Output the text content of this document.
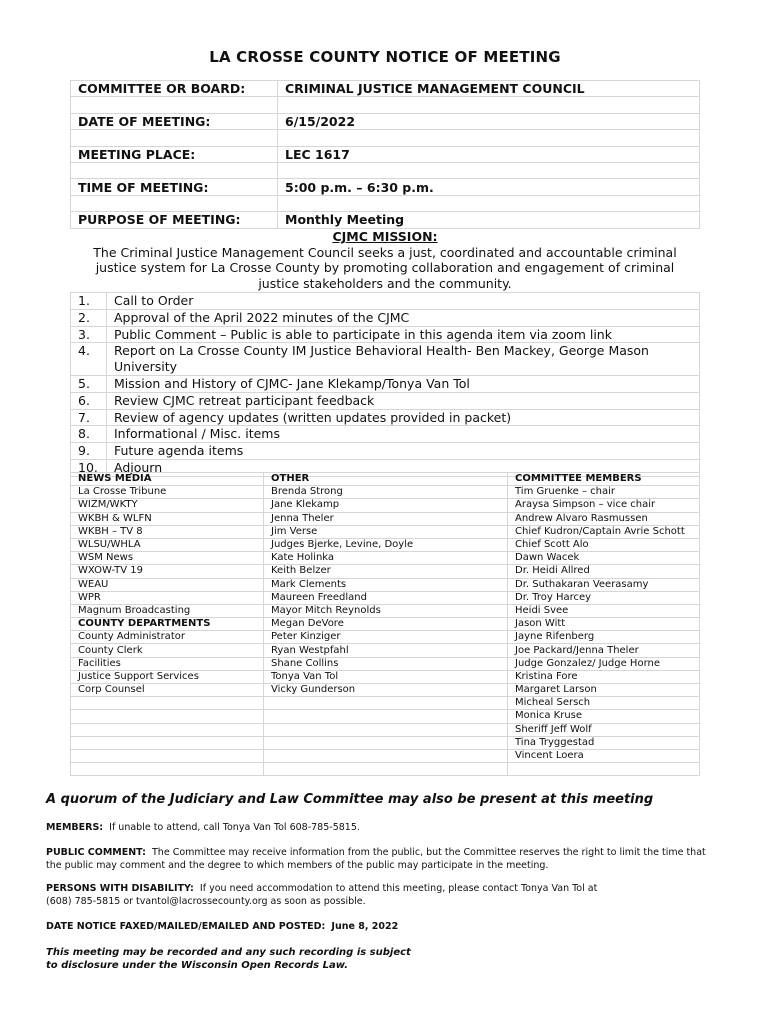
LA CROSSE COUNTY NOTICE OF MEETING
COMMITTEE OR BOARD:	CRIMINAL JUSTICE MANAGEMENT COUNCIL

DATE OF MEETING:	6/15/2022

MEETING PLACE:	LEC 1617

TIME OF MEETING:	5:00 p.m. – 6:30 p.m.

PURPOSE OF MEETING:	Monthly Meeting
CJMC MISSION:
The Criminal Justice Management Council seeks a just, coordinated and accountable criminal
justice system for La Crosse County by promoting collaboration and engagement of criminal
justice stakeholders and the community.
1.	Call to Order
2.	Approval of the April 2022 minutes of the CJMC
3.	Public Comment – Public is able to participate in this agenda item via zoom link
4.	Report on La Crosse County IM Justice Behavioral Health- Ben Mackey, George Mason University
5.	Mission and History of CJMC- Jane Klekamp/Tonya Van Tol
6.	Review CJMC retreat participant feedback
7.	Review of agency updates (written updates provided in packet)
8.	Informational / Misc. items
9.	Future agenda items
10.	Adjourn
NEWS MEDIA	OTHER	COMMITTEE MEMBERS
La Crosse Tribune	Brenda Strong	Tim Gruenke – chair
WIZM/WKTY	Jane Klekamp	Araysa Simpson – vice chair
WKBH & WLFN	Jenna Theler	Andrew Alvaro Rasmussen
WKBH – TV 8	Jim Verse	Chief Kudron/Captain Avrie Schott
WLSU/WHLA	Judges Bjerke, Levine, Doyle	Chief Scott Alo
WSM News	Kate Holinka	Dawn Wacek
WXOW-TV 19	Keith Belzer	Dr. Heidi Allred
WEAU	Mark Clements	Dr. Suthakaran Veerasamy
WPR	Maureen Freedland	Dr. Troy Harcey
Magnum Broadcasting	Mayor Mitch Reynolds	Heidi Svee
COUNTY DEPARTMENTS	Megan DeVore	Jason Witt
County Administrator	Peter Kinziger	Jayne Rifenberg
County Clerk	Ryan Westpfahl	Joe Packard/Jenna Theler
Facilities	Shane Collins	Judge Gonzalez/ Judge Horne
Justice Support Services	Tonya Van Tol	Kristina Fore
Corp Counsel	Vicky Gunderson	Margaret Larson
		Micheal Sersch
		Monica Kruse
		Sheriff Jeff Wolf
		Tina Tryggestad
		Vincent Loera

A quorum of the Judiciary and Law Committee may also be present at this meeting
MEMBERS: If unable to attend, call Tonya Van Tol 608-785-5815.
PUBLIC COMMENT: The Committee may receive information from the public, but the Committee reserves the right to limit the time that the public may comment and the degree to which members of the public may participate in the meeting.
PERSONS WITH DISABILITY: If you need accommodation to attend this meeting, please contact Tonya Van Tol at
(608) 785-5815 or tvantol@lacrossecounty.org as soon as possible.
DATE NOTICE FAXED/MAILED/EMAILED AND POSTED: June 8, 2022
This meeting may be recorded and any such recording is subject
to disclosure under the Wisconsin Open Records Law.
